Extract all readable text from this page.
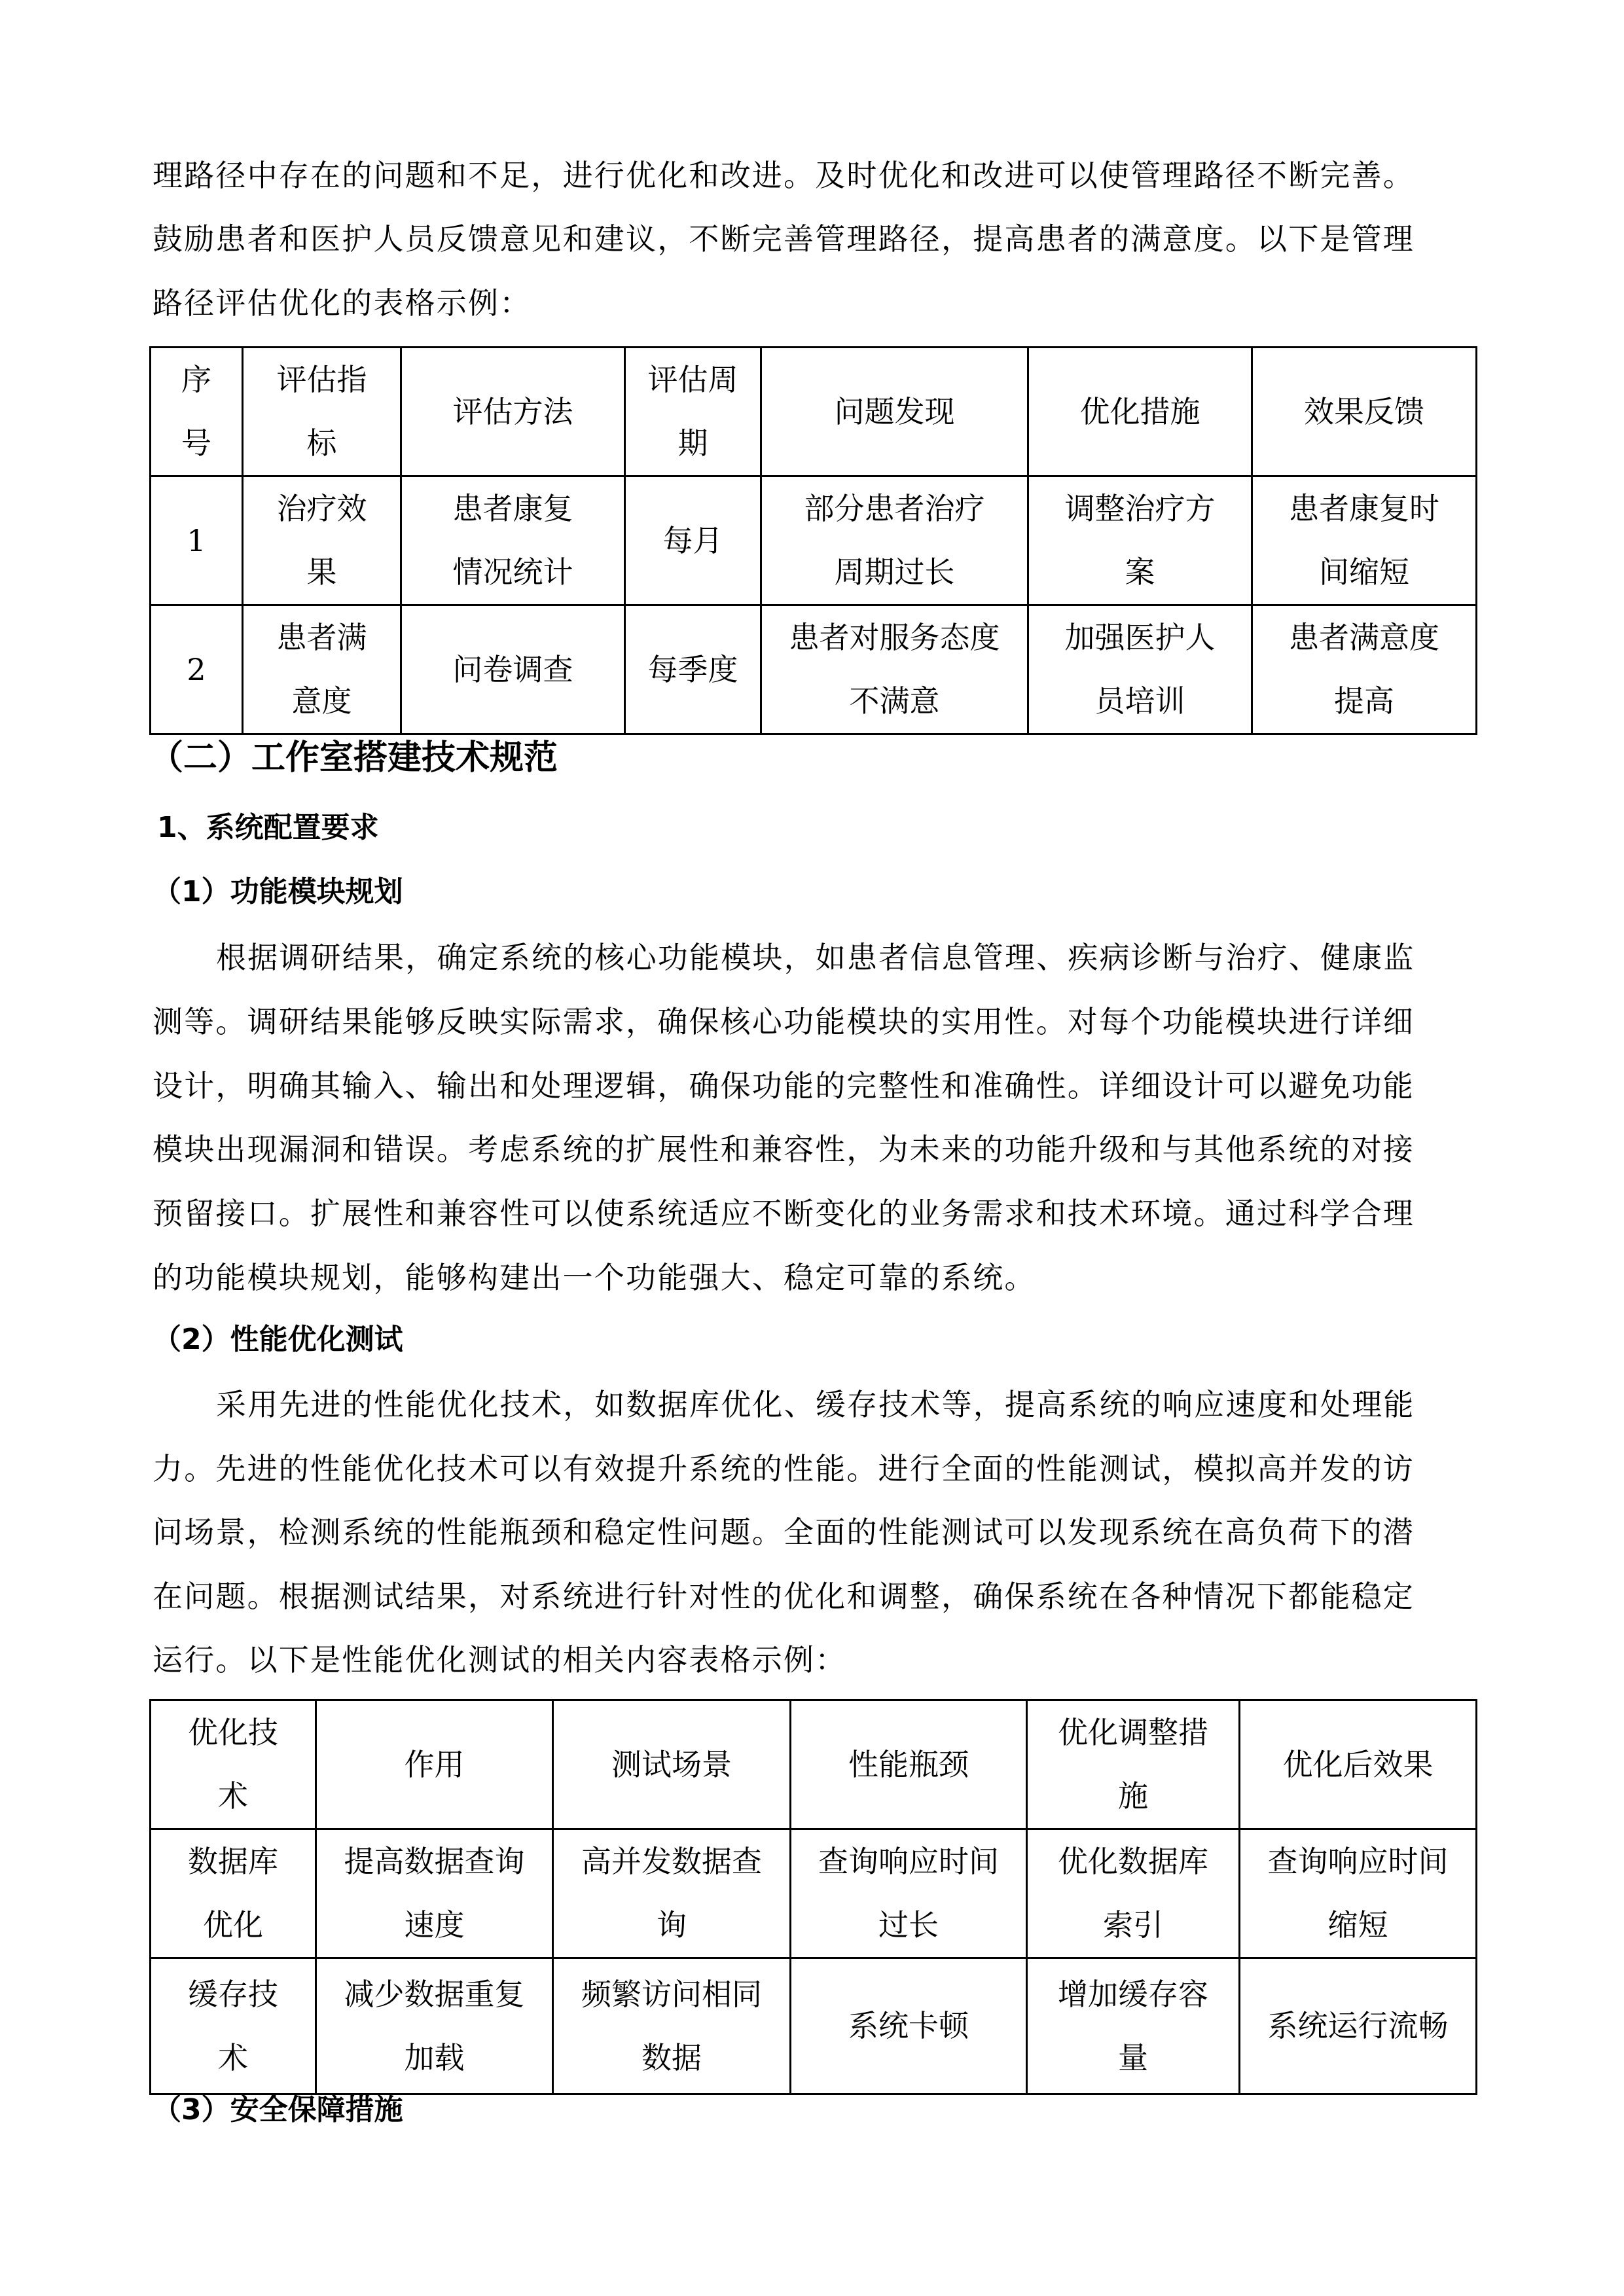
理路径中存在的问题和不足，进行优化和改进。及时优化和改进可以使管理路径不断完善。
鼓励患者和医护人员反馈意见和建议，不断完善管理路径，提高患者的满意度。以下是管理
路径评估优化的表格示例：
序号	评估指标	评估方法	评估周期	问题发现	优化措施	效果反馈
1	治疗效果	患者康复情况统计	每月	部分患者治疗周期过长	调整治疗方案	患者康复时间缩短
2	患者满意度	问卷调查	每季度	患者对服务态度不满意	加强医护人员培训	患者满意度提高
（二）工作室搭建技术规范
1、系统配置要求
（1）功能模块规划
根据调研结果，确定系统的核心功能模块，如患者信息管理、疾病诊断与治疗、健康监
测等。调研结果能够反映实际需求，确保核心功能模块的实用性。对每个功能模块进行详细
设计，明确其输入、输出和处理逻辑，确保功能的完整性和准确性。详细设计可以避免功能
模块出现漏洞和错误。考虑系统的扩展性和兼容性，为未来的功能升级和与其他系统的对接
预留接口。扩展性和兼容性可以使系统适应不断变化的业务需求和技术环境。通过科学合理
的功能模块规划，能够构建出一个功能强大、稳定可靠的系统。
（2）性能优化测试
采用先进的性能优化技术，如数据库优化、缓存技术等，提高系统的响应速度和处理能
力。先进的性能优化技术可以有效提升系统的性能。进行全面的性能测试，模拟高并发的访
问场景，检测系统的性能瓶颈和稳定性问题。全面的性能测试可以发现系统在高负荷下的潜
在问题。根据测试结果，对系统进行针对性的优化和调整，确保系统在各种情况下都能稳定
运行。以下是性能优化测试的相关内容表格示例：
优化技术	作用	测试场景	性能瓶颈	优化调整措施	优化后效果
数据库优化	提高数据查询速度	高并发数据查询	查询响应时间过长	优化数据库索引	查询响应时间缩短
缓存技术	减少数据重复加载	频繁访问相同数据	系统卡顿	增加缓存容量	系统运行流畅
（3）安全保障措施
